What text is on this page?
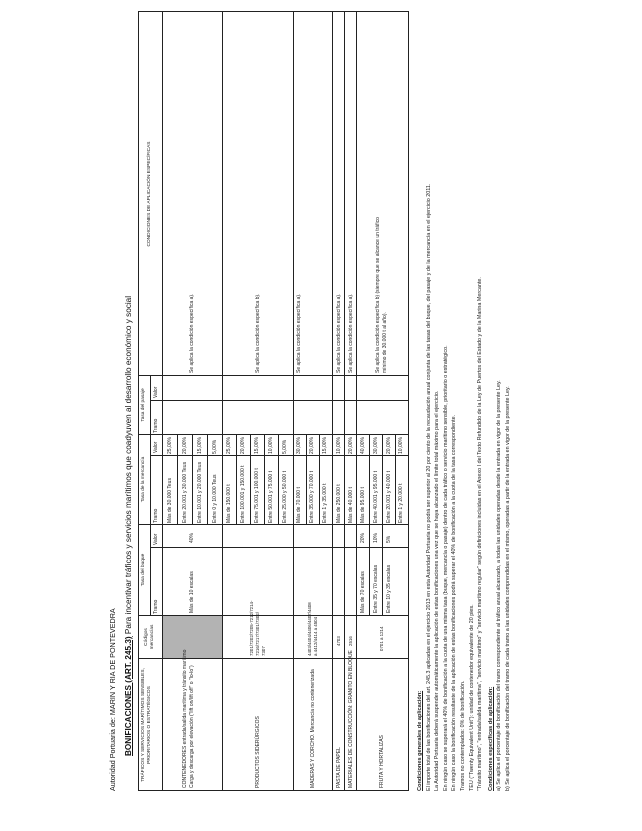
Autoridad Portuaria de: MARIN Y RIA DE PONTEVEDRA BONIFICACIONES (ART. 245.3) Para incentivar tráficos y servicios marítimos que coadyuven al desarrollo económico y social
TRÁFICOS Y SERVICIOS MARÍTIMOS SENSIBLES, PRIORITARIOS O ESTRATÉGICOS
Códigos mercancías
Tasa del buque
Tasa de la mercancía
Tasa del pasaje
CONDICIONES DE APLICACIÓN ESPECÍFICAS
Tramo
Valor
Tramo
Valor
Tramo
Valor
CONTENEDORES entrada/salida marítima y tránsito marítimo Carga y descarga por elevación ("lift on/lift off" o "lo-lo")
Más de 10 escalas
40%
Más de 30.000 Teus Entre 20.001 y 30.000 Teus Entre 10.001 y 20.000 Teus Entre 0 y 10.000 Teus
25,00% 20,00% 15,00% 5,00%
Se aplica la condición específica a).
PRODUCTOS SIDERÚRGICOS
7201/7202/7205-7212/7214- 7216/7217/7301/7302/ 7307
Más de 150.000 t Entre 100.001 y 150.000 t Entre 75.001 y 100.000 t Entre 50.001 y 75.000 t Entre 25.000 y 50.000 t
25,00% 20,00% 15,00% 10,00% 5,00%
Se aplica la condición específica b).
MADERAS Y CORCHO. Mercancía no contenerizada
4403/4404/4406/4407/4408 a 4412/4414 a 4504
Más de 70.000 t Entre 35.000 y 70.000 t Entre 1 y 35.000 t
30,00% 20,00% 15,00%
Se aplica la condición específica a).
PASTA DE PAPEL
4703
Más de 250.000 t
10,00%
Se aplica la condición específica a).
MATERIALES DE CONSTRUCCIÓN: GRANITO EN BLOQUE
2516
Más de 40.000 t
20,00%
Se aplica la condición específica a).
FRUTA Y HORTALIZAS
0701 a 1214
Más de 70 escalas Entre 35 y 70 escalas Entre 10 y 35 escalas
20% 10% 5%
Más de 95.000 t Entre 40.001 y 95.000 t Entre 20.001 y 40.000 t Entre 1 y 20.000 t
40,00% 30,00% 20,00% 10,00%
Se aplica la condición específica b) (siempre que se alcance un tráfico mínimo de 30.000 t al año).
Condiciones generales de aplicación: El importe total de las bonificaciones del art. 245.3 aplicadas en el ejercicio 2013 en esta Autoridad Portuaria no podrá ser superior al 20 por ciento de la recaudación anual conjunta de las tasas del buque, del pasaje y de la mercancía en el ejercicio 2011. La Autoridad Portuaria deberá suspender automáticamente la aplicación de estas bonificaciones una vez que se haya alcanzado el límite total máximo para el ejercicio. En ningún caso se superará el 40% de bonificación a la cuota de una misma tasa (buque, mercancía o pasaje) dentro de cada tráfico o servicio marítimo sensible, prioritario o estratégico. En ningún caso la bonificación resultante de la aplicación de estas bonificaciones podrá superar el 40% de bonificación a la cuota de la tasa correspondiente. Tramos no contemplados: 0% de bonificación. TEU ("Twenty Equivalent Unit"): unidad de contenedor equivalente de 20 pies. "Tránsito marítimo", "entrada/salida marítima", "servicio marítimo" y "servicio marítimo regular" según definiciones incluidas en el Anexo I del Texto Refundido de la Ley de Puertos del Estado y de la Marina Mercante. Condiciones específicas de aplicación: a) Se aplica el porcentaje de bonificación del tramo correspondiente al tráfico anual alcanzado, a todas las unidades operadas desde la entrada en vigor de la presente Ley. b) Se aplica el porcentaje de bonificación del tramo de cada tramo a las unidades comprendidas en el mismo, operadas a partir de la entrada en vigor de la presente Ley.
